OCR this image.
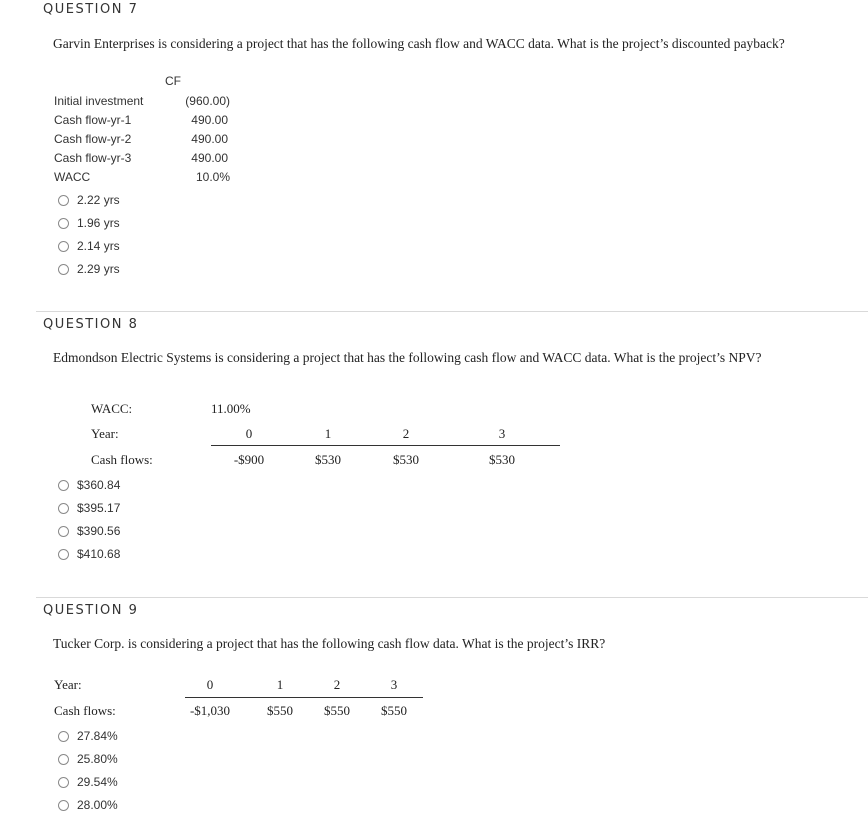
QUESTION 7
Garvin Enterprises is considering a project that has the following cash flow and WACC data. What is the project’s discounted payback?
CF
Initial investment	(960.00)
Cash flow-yr-1	490.00
Cash flow-yr-2	490.00
Cash flow-yr-3	490.00
WACC	10.0%
2.22 yrs
1.96 yrs
2.14 yrs
2.29 yrs
QUESTION 8
Edmondson Electric Systems is considering a project that has the following cash flow and WACC data. What is the project’s NPV?
WACC:	11.00%
Year:	0	1	2	3
Cash flows:	-$900	$530	$530	$530
$360.84
$395.17
$390.56
$410.68
QUESTION 9
Tucker Corp. is considering a project that has the following cash flow data. What is the project’s IRR?
Year:	0	1	2	3
Cash flows:	-$1,030	$550	$550	$550
27.84%
25.80%
29.54%
28.00%
